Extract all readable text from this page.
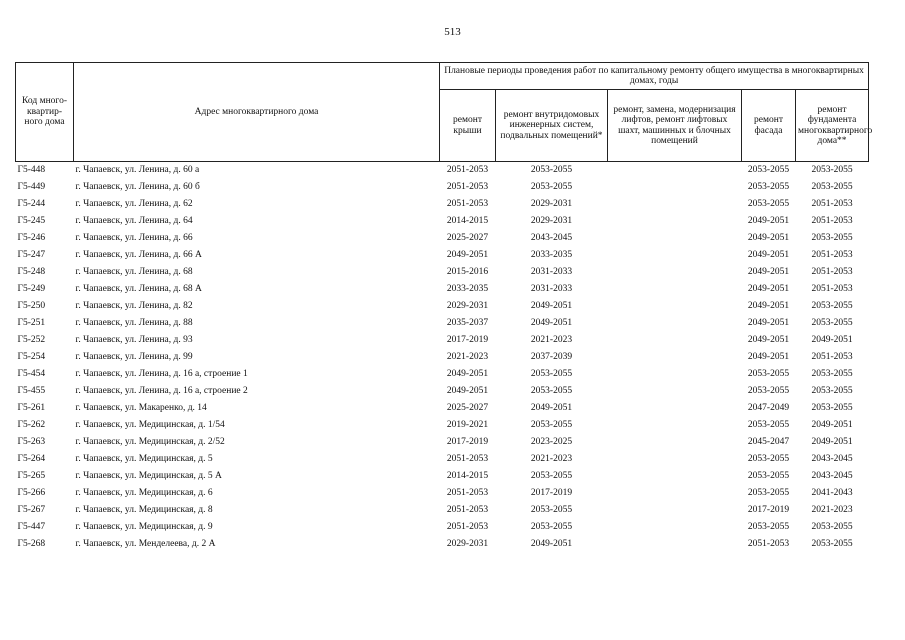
513
Код много-квартир-ного дома	Адрес многоквартирного дома	Плановые периоды проведения работ по капитальному ремонту общего имущества в многоквартирных домах, годы				
		ремонт крыши	ремонт внутридомовых инженерных систем, подвальных помещений*	ремонт, замена, модернизация лифтов, ремонт лифтовых шахт, машинных и блочных помещений	ремонт фасада	ремонт фундамента многоквартирного дома**
Г5-448	г. Чапаевск, ул. Ленина, д. 60 а	2051-2053	2053-2055		2053-2055	2053-2055
Г5-449	г. Чапаевск, ул. Ленина, д. 60 б	2051-2053	2053-2055		2053-2055	2053-2055
Г5-244	г. Чапаевск, ул. Ленина, д. 62	2051-2053	2029-2031		2053-2055	2051-2053
Г5-245	г. Чапаевск, ул. Ленина, д. 64	2014-2015	2029-2031		2049-2051	2051-2053
Г5-246	г. Чапаевск, ул. Ленина, д. 66	2025-2027	2043-2045		2049-2051	2053-2055
Г5-247	г. Чапаевск, ул. Ленина, д. 66 А	2049-2051	2033-2035		2049-2051	2051-2053
Г5-248	г. Чапаевск, ул. Ленина, д. 68	2015-2016	2031-2033		2049-2051	2051-2053
Г5-249	г. Чапаевск, ул. Ленина, д. 68 А	2033-2035	2031-2033		2049-2051	2051-2053
Г5-250	г. Чапаевск, ул. Ленина, д. 82	2029-2031	2049-2051		2049-2051	2053-2055
Г5-251	г. Чапаевск, ул. Ленина, д. 88	2035-2037	2049-2051		2049-2051	2053-2055
Г5-252	г. Чапаевск, ул. Ленина, д. 93	2017-2019	2021-2023		2049-2051	2049-2051
Г5-254	г. Чапаевск, ул. Ленина, д. 99	2021-2023	2037-2039		2049-2051	2051-2053
Г5-454	г. Чапаевск, ул. Ленина, д. 16 а, строение 1	2049-2051	2053-2055		2053-2055	2053-2055
Г5-455	г. Чапаевск, ул. Ленина, д. 16 а, строение 2	2049-2051	2053-2055		2053-2055	2053-2055
Г5-261	г. Чапаевск, ул. Макаренко, д. 14	2025-2027	2049-2051		2047-2049	2053-2055
Г5-262	г. Чапаевск, ул. Медицинская, д. 1/54	2019-2021	2053-2055		2053-2055	2049-2051
Г5-263	г. Чапаевск, ул. Медицинская, д. 2/52	2017-2019	2023-2025		2045-2047	2049-2051
Г5-264	г. Чапаевск, ул. Медицинская, д. 5	2051-2053	2021-2023		2053-2055	2043-2045
Г5-265	г. Чапаевск, ул. Медицинская, д. 5 А	2014-2015	2053-2055		2053-2055	2043-2045
Г5-266	г. Чапаевск, ул. Медицинская, д. 6	2051-2053	2017-2019		2053-2055	2041-2043
Г5-267	г. Чапаевск, ул. Медицинская, д. 8	2051-2053	2053-2055		2017-2019	2021-2023
Г5-447	г. Чапаевск, ул. Медицинская, д. 9	2051-2053	2053-2055		2053-2055	2053-2055
Г5-268	г. Чапаевск, ул. Менделеева, д. 2 А	2029-2031	2049-2051		2051-2053	2053-2055
